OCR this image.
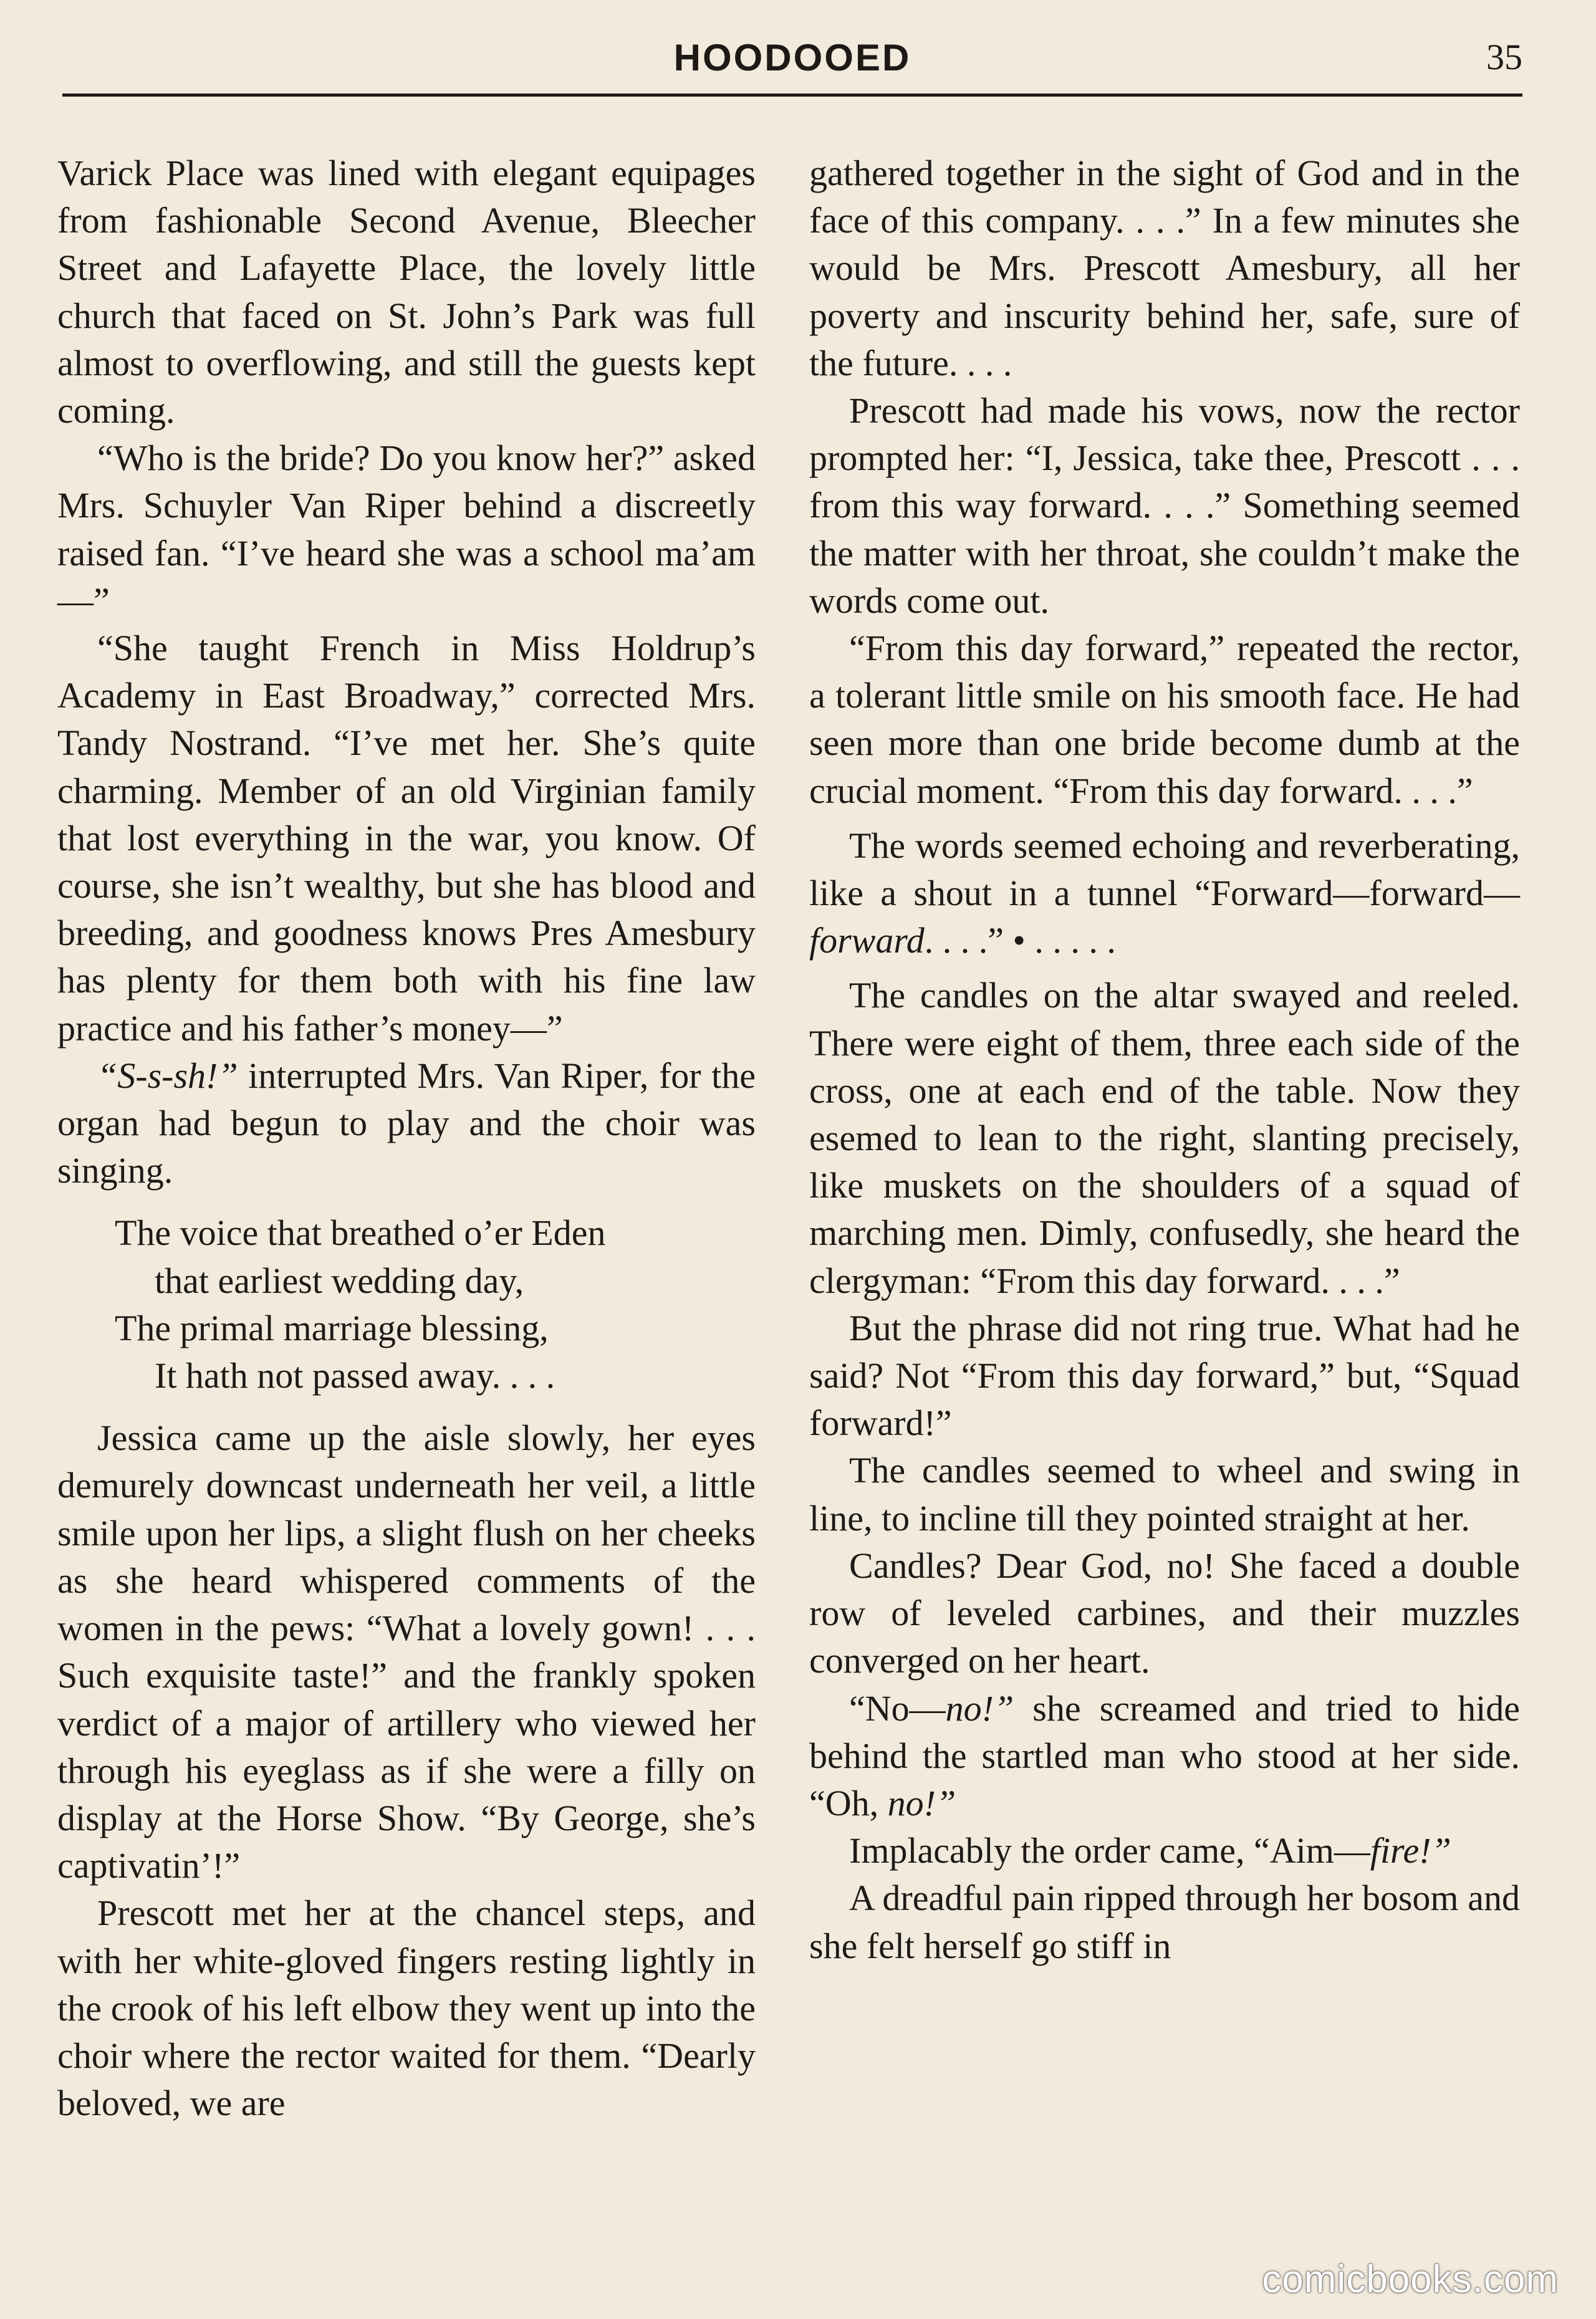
HOODOOED	35

Varick Place was lined with elegant equipages from fashionable Second Avenue, Bleecher Street and Lafayette Place, the lovely little church that faced on St. John’s Park was full almost to overflowing, and still the guests kept coming.

“Who is the bride? Do you know her?” asked Mrs. Schuyler Van Riper behind a discreetly raised fan. “I’ve heard she was a school ma’am—”

“She taught French in Miss Holdrup’s Academy in East Broadway,” corrected Mrs. Tandy Nostrand. “I’ve met her. She’s quite charming. Member of an old Virginian family that lost everything in the war, you know. Of course, she isn’t wealthy, but she has blood and breeding, and goodness knows Pres Amesbury has plenty for them both with his fine law practice and his father’s money—”

“S-s-sh!” interrupted Mrs. Van Riper, for the organ had begun to play and the choir was singing.

The voice that breathed o’er Eden
that earliest wedding day,
The primal marriage blessing,
It hath not passed away. . . .

Jessica came up the aisle slowly, her eyes demurely downcast underneath her veil, a little smile upon her lips, a slight flush on her cheeks as she heard whispered comments of the women in the pews: “What a lovely gown! . . . Such exquisite taste!” and the frankly spoken verdict of a major of artillery who viewed her through his eyeglass as if she were a filly on display at the Horse Show. “By George, she’s captivatin’!”

Prescott met her at the chancel steps, and with her white-gloved fingers resting lightly in the crook of his left elbow they went up into the choir where the rector waited for them. “Dearly beloved, we are

gathered together in the sight of God and in the face of this company. . . .” In a few minutes she would be Mrs. Prescott Amesbury, all her poverty and inscurity behind her, safe, sure of the future. . . .

Prescott had made his vows, now the rector prompted her: “I, Jessica, take thee, Prescott . . . from this way forward. . . .” Something seemed the matter with her throat, she couldn’t make the words come out.

“From this day forward,” repeated the rector, a tolerant little smile on his smooth face. He had seen more than one bride become dumb at the crucial moment. “From this day forward. . . .”

The words seemed echoing and reverberating, like a shout in a tunnel “Forward—forward—forward. . . .” • . . . . .

The candles on the altar swayed and reeled. There were eight of them, three each side of the cross, one at each end of the table. Now they esemed to lean to the right, slanting precisely, like muskets on the shoulders of a squad of marching men. Dimly, confusedly, she heard the clergyman: “From this day forward. . . .”

But the phrase did not ring true. What had he said? Not “From this day forward,” but, “Squad forward!”

The candles seemed to wheel and swing in line, to incline till they pointed straight at her.

Candles? Dear God, no! She faced a double row of leveled carbines, and their muzzles converged on her heart.

“No—no!” she screamed and tried to hide behind the startled man who stood at her side. “Oh, no!”

Implacably the order came, “Aim—fire!”

A dreadful pain ripped through her bosom and she felt herself go stiff in

comicbooks.com
